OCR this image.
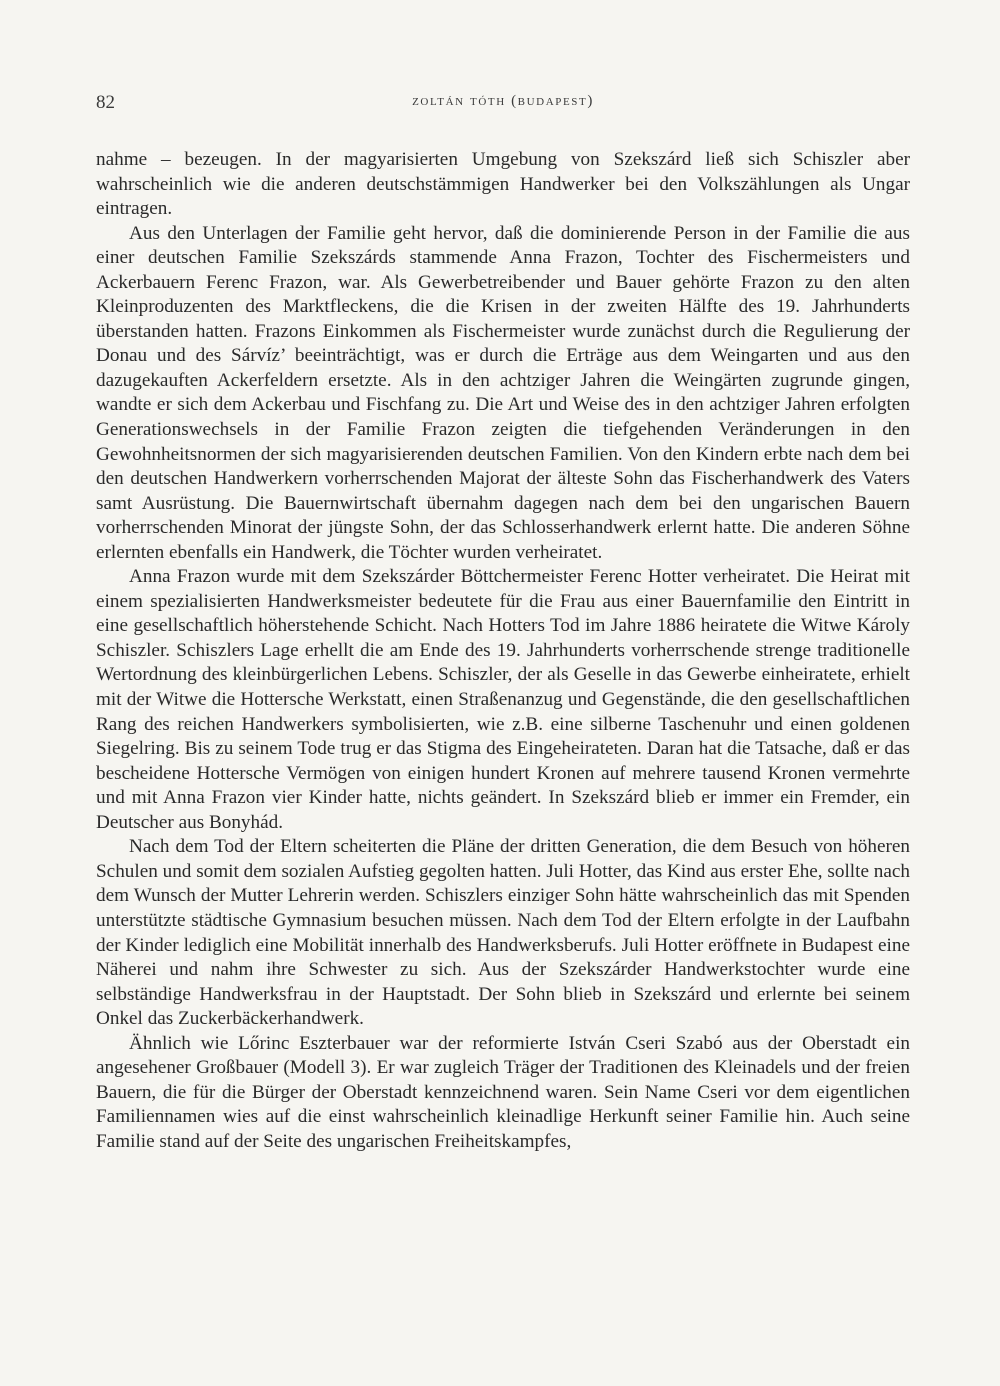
82	zoltán tóth (budapest)

nahme – bezeugen. In der magyarisierten Umgebung von Szekszárd ließ sich Schiszler aber wahrscheinlich wie die anderen deutschstämmigen Handwerker bei den Volkszählungen als Ungar eintragen.

Aus den Unterlagen der Familie geht hervor, daß die dominierende Person in der Familie die aus einer deutschen Familie Szekszárds stammende Anna Frazon, Tochter des Fischermeisters und Ackerbauern Ferenc Frazon, war. Als Gewerbetreibender und Bauer gehörte Frazon zu den alten Kleinproduzenten des Marktfleckens, die die Krisen in der zweiten Hälfte des 19. Jahrhunderts überstanden hatten. Frazons Einkommen als Fischermeister wurde zunächst durch die Regulierung der Donau und des Sárvíz’ beeinträchtigt, was er durch die Erträge aus dem Weingarten und aus den dazugekauften Ackerfeldern ersetzte. Als in den achtziger Jahren die Weingärten zugrunde gingen, wandte er sich dem Ackerbau und Fischfang zu. Die Art und Weise des in den achtziger Jahren erfolgten Generationswechsels in der Familie Frazon zeigten die tiefgehenden Veränderungen in den Gewohnheitsnormen der sich magyarisierenden deutschen Familien. Von den Kindern erbte nach dem bei den deutschen Handwerkern vorherrschenden Majorat der älteste Sohn das Fischerhandwerk des Vaters samt Ausrüstung. Die Bauernwirtschaft übernahm dagegen nach dem bei den ungarischen Bauern vorherrschenden Minorat der jüngste Sohn, der das Schlosserhandwerk erlernt hatte. Die anderen Söhne erlernten ebenfalls ein Handwerk, die Töchter wurden verheiratet.

Anna Frazon wurde mit dem Szekszárder Böttchermeister Ferenc Hotter verheiratet. Die Heirat mit einem spezialisierten Handwerksmeister bedeutete für die Frau aus einer Bauernfamilie den Eintritt in eine gesellschaftlich höherstehende Schicht. Nach Hotters Tod im Jahre 1886 heiratete die Witwe Károly Schiszler. Schiszlers Lage erhellt die am Ende des 19. Jahrhunderts vorherrschende strenge traditionelle Wertordnung des kleinbürgerlichen Lebens. Schiszler, der als Geselle in das Gewerbe einheiratete, erhielt mit der Witwe die Hottersche Werkstatt, einen Straßenanzug und Gegenstände, die den gesellschaftlichen Rang des reichen Handwerkers symbolisierten, wie z.B. eine silberne Taschenuhr und einen goldenen Siegelring. Bis zu seinem Tode trug er das Stigma des Eingeheirateten. Daran hat die Tatsache, daß er das bescheidene Hottersche Vermögen von einigen hundert Kronen auf mehrere tausend Kronen vermehrte und mit Anna Frazon vier Kinder hatte, nichts geändert. In Szekszárd blieb er immer ein Fremder, ein Deutscher aus Bonyhád.

Nach dem Tod der Eltern scheiterten die Pläne der dritten Generation, die dem Besuch von höheren Schulen und somit dem sozialen Aufstieg gegolten hatten. Juli Hotter, das Kind aus erster Ehe, sollte nach dem Wunsch der Mutter Lehrerin werden. Schiszlers einziger Sohn hätte wahrscheinlich das mit Spenden unterstützte städtische Gymnasium besuchen müssen. Nach dem Tod der Eltern erfolgte in der Laufbahn der Kinder lediglich eine Mobilität innerhalb des Handwerksberufs. Juli Hotter eröffnete in Budapest eine Näherei und nahm ihre Schwester zu sich. Aus der Szekszárder Handwerkstochter wurde eine selbständige Handwerksfrau in der Hauptstadt. Der Sohn blieb in Szekszárd und erlernte bei seinem Onkel das Zuckerbäckerhandwerk.

Ähnlich wie Lőrinc Eszterbauer war der reformierte István Cseri Szabó aus der Oberstadt ein angesehener Großbauer (Modell 3). Er war zugleich Träger der Traditionen des Kleinadels und der freien Bauern, die für die Bürger der Oberstadt kennzeichnend waren. Sein Name Cseri vor dem eigentlichen Familiennamen wies auf die einst wahrscheinlich kleinadlige Herkunft seiner Familie hin. Auch seine Familie stand auf der Seite des ungarischen Freiheitskampfes,
